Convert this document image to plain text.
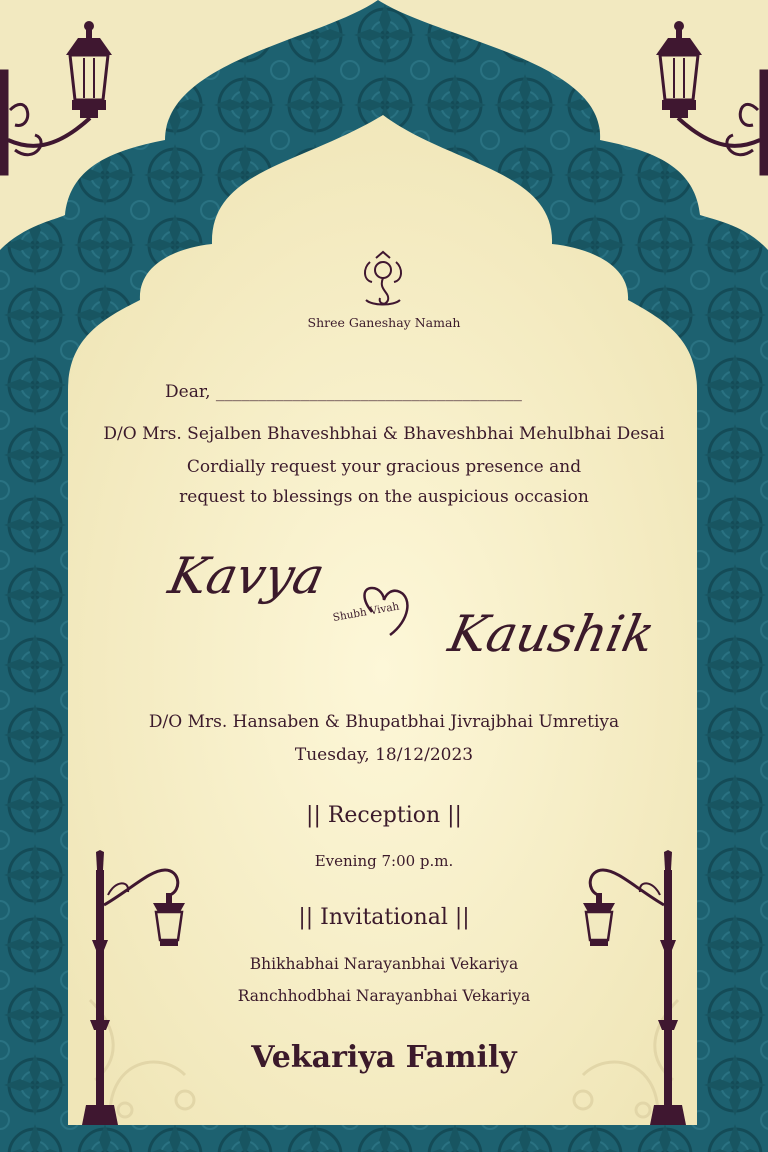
Shree Ganeshay Namah

Dear, ____________________________________

D/O Mrs. Sejalben Bhaveshbhai & Bhaveshbhai Mehulbhai Desai

Cordially request your gracious presence and

request to blessings on the auspicious occasion

Kavya
Shubh Vivah Kaushik

D/O Mrs. Hansaben & Bhupatbhai Jivrajbhai Umretiya

Tuesday, 18/12/2023

|| Reception ||

Evening 7:00 p.m.

|| Invitational ||

Bhikhabhai Narayanbhai Vekariya

Ranchhodbhai Narayanbhai Vekariya

Vekariya Family
